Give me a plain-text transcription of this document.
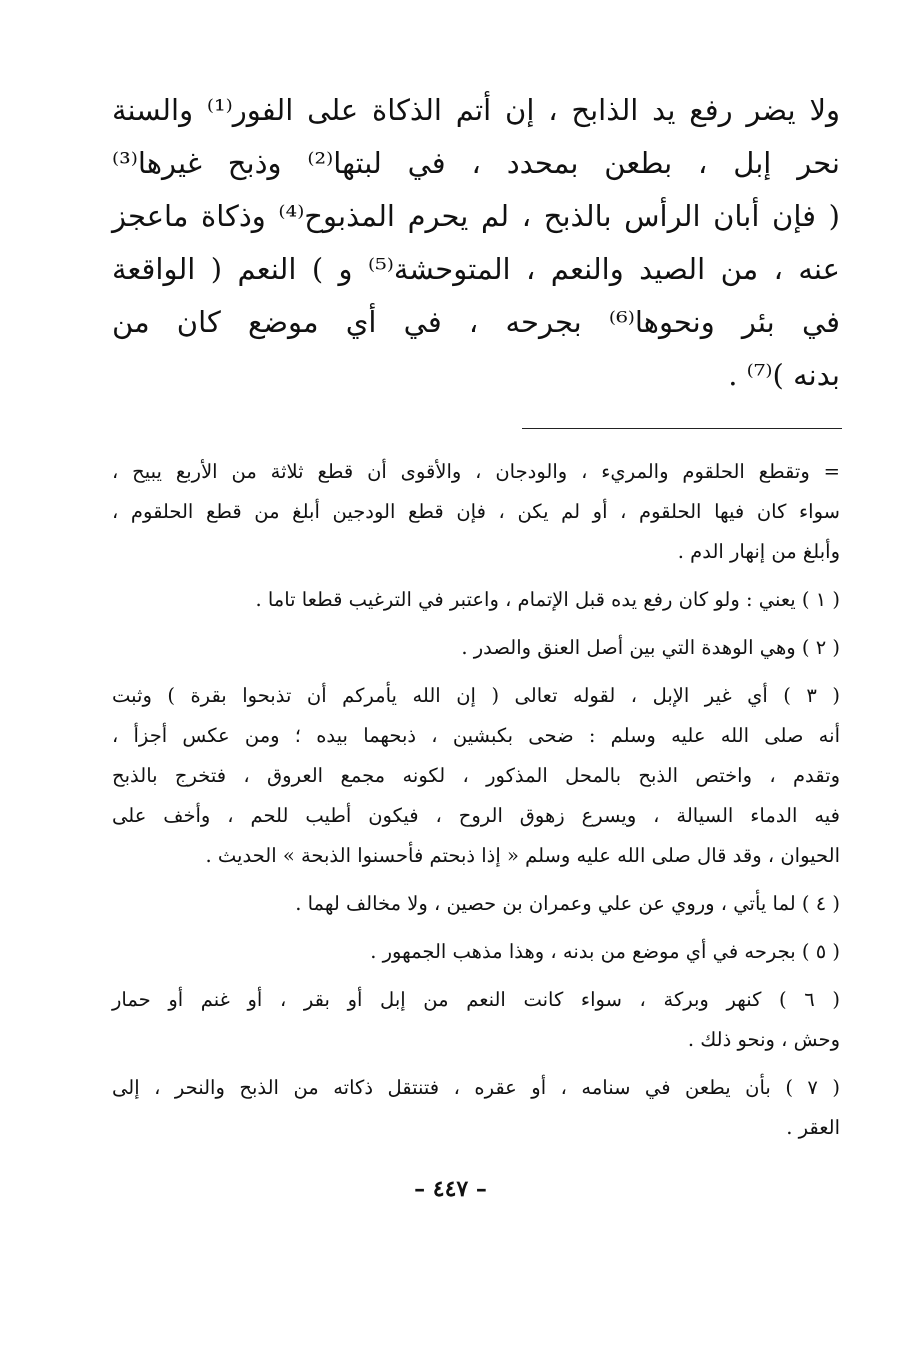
ولا يضر رفع يد الذابح ، إن أتم الذكاة على الفور⁽¹⁾ والسنة
نحر إبل ، بطعن بمحدد ، في لبتها⁽²⁾ وذبح غيرها⁽³⁾
( فإن أبان الرأس بالذبح ، لم يحرم المذبوح⁽⁴⁾ وذكاة ماعجز
عنه ، من الصيد والنعم ، المتوحشة⁽⁵⁾ و ) النعم ( الواقعة
في بئر ونحوها⁽⁶⁾ بجرحه ، في أي موضع كان من
بدنه )⁽⁷⁾ .
= وتقطع الحلقوم والمريء ، والودجان ، والأقوى أن قطع ثلاثة من الأربع يبيح ،
سواء كان فيها الحلقوم ، أو لم يكن ، فإن قطع الودجين أبلغ من قطع الحلقوم ،
وأبلغ من إنهار الدم .
( ١ ) يعني : ولو كان رفع يده قبل الإتمام ، واعتبر في الترغيب قطعا تاما .
( ٢ ) وهي الوهدة التي بين أصل العنق والصدر .
( ٣ ) أي غير الإبل ، لقوله تعالى ( إن الله يأمركم أن تذبحوا بقرة ) وثبت
أنه صلى الله عليه وسلم : ضحى بكبشين ، ذبحهما بيده ؛ ومن عكس أجزأ ،
وتقدم ، واختص الذبح بالمحل المذكور ، لكونه مجمع العروق ، فتخرج بالذبح
فيه الدماء السيالة ، ويسرع زهوق الروح ، فيكون أطيب للحم ، وأخف على
الحيوان ، وقد قال صلى الله عليه وسلم « إذا ذبحتم فأحسنوا الذبحة » الحديث .
( ٤ ) لما يأتي ، وروي عن علي وعمران بن حصين ، ولا مخالف لهما .
( ٥ ) بجرحه في أي موضع من بدنه ، وهذا مذهب الجمهور .
( ٦ ) كنهر وبركة ، سواء كانت النعم من إبل أو بقر ، أو غنم أو حمار
وحش ، ونحو ذلك .
( ٧ ) بأن يطعن في سنامه ، أو عقره ، فتنتقل ذكاته من الذبح والنحر ، إلى
العقر .
– ٤٤٧ –
